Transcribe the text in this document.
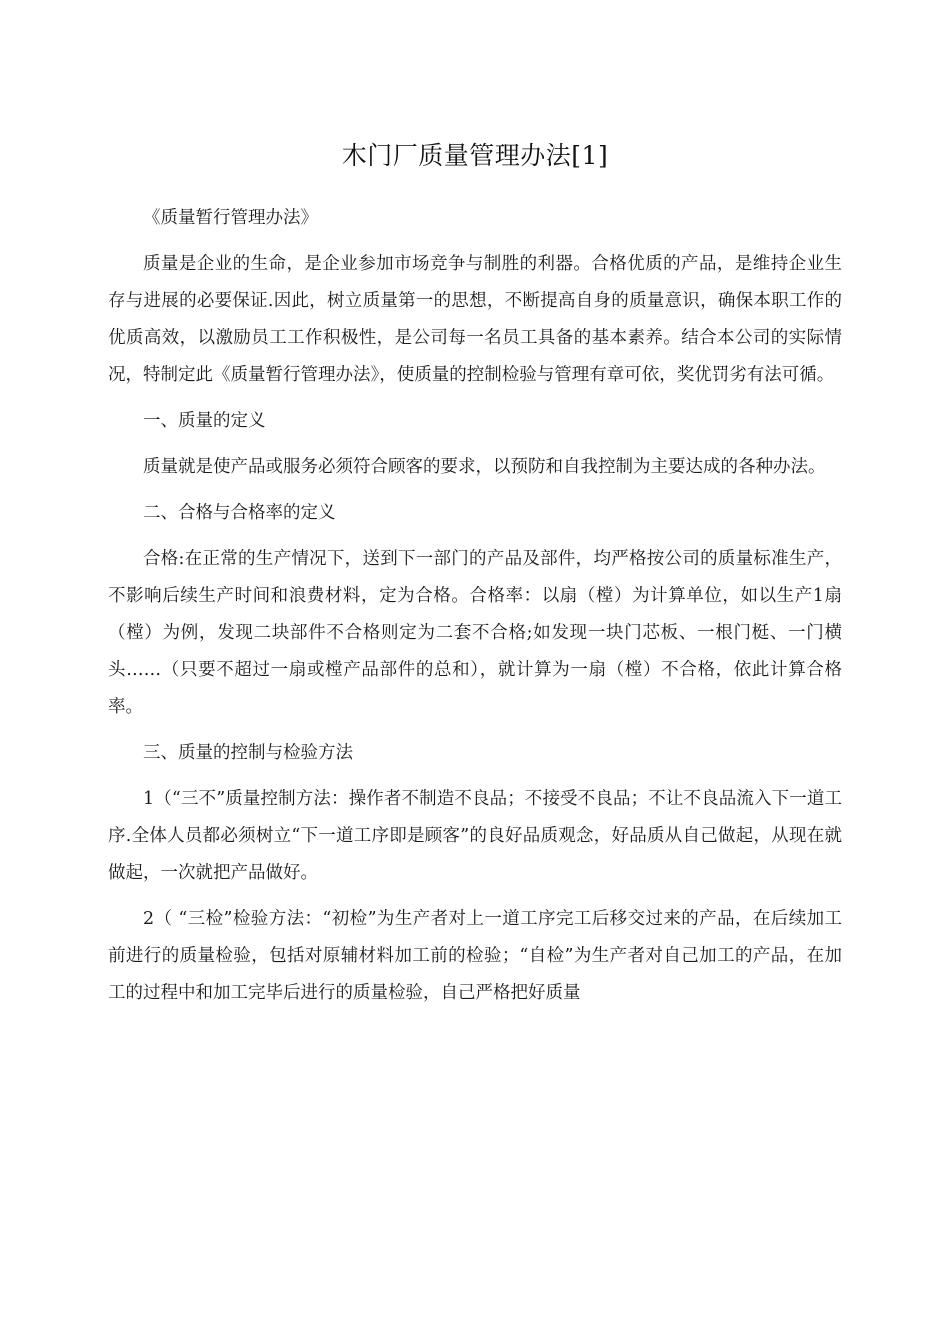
木门厂质量管理办法[1]

《质量暂行管理办法》

质量是企业的生命，是企业参加市场竞争与制胜的利器。合格优质的产品，是维持企业生存与进展的必要保证.因此，树立质量第一的思想，不断提高自身的质量意识，确保本职工作的优质高效，以激励员工工作积极性，是公司每一名员工具备的基本素养。结合本公司的实际情况，特制定此《质量暂行管理办法》，使质量的控制检验与管理有章可依，奖优罚劣有法可循。

一、质量的定义

质量就是使产品或服务必须符合顾客的要求，以预防和自我控制为主要达成的各种办法。

二、合格与合格率的定义

合格:在正常的生产情况下，送到下一部门的产品及部件，均严格按公司的质量标准生产，不影响后续生产时间和浪费材料，定为合格。合格率：以扇（樘）为计算单位，如以生产1扇（樘）为例，发现二块部件不合格则定为二套不合格;如发现一块门芯板、一根门梃、一门横头……（只要不超过一扇或樘产品部件的总和），就计算为一扇（樘）不合格，依此计算合格率。

三、质量的控制与检验方法

1（“三不”质量控制方法：操作者不制造不良品；不接受不良品；不让不良品流入下一道工序.全体人员都必须树立“下一道工序即是顾客”的良好品质观念，好品质从自己做起，从现在就做起，一次就把产品做好。

2（ “三检”检验方法：“初检”为生产者对上一道工序完工后移交过来的产品，在后续加工前进行的质量检验，包括对原辅材料加工前的检验；“自检”为生产者对自己加工的产品，在加工的过程中和加工完毕后进行的质量检验，自己严格把好质量
